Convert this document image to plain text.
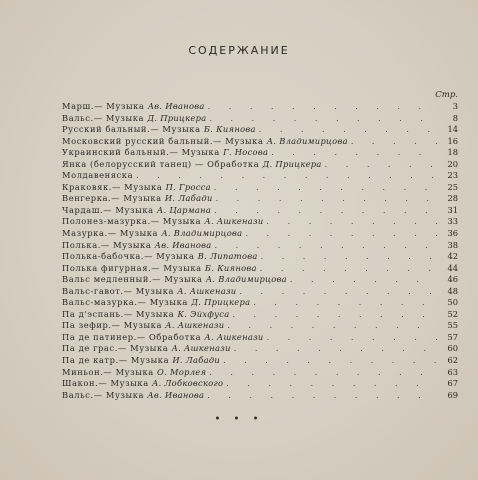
СОДЕРЖАНИЕ
Стр.
Марш.— Музыка Ав. Иванова . . .	3
Вальс.— Музыка Д. Прицкера . . .	8
Русский бальный.— Музыка Б. Киянова . . .	14
Московский русский бальный.— Музыка А. Владимирцова . . .	16
Украинский бальный.— Музыка Г. Носова . . .	18
Янка (белорусский танец) — Обработка Д. Прицкера . . .	20
Молдавеняска . . .	23
Краковяк.— Музыка П. Гросса . . .	25
Венгерка.— Музыка И. Лабади . . .	28
Чардаш.— Музыка А. Цармана . . .	31
Полонез-мазурка.— Музыка А. Ашкенази . . .	33
Мазурка.— Музыка А. Владимирцова . . .	36
Полька.— Музыка Ав. Иванова . . .	38
Полька-бабочка.— Музыка В. Липатова . . .	42
Полька фигурная.— Музыка Б. Киянова . . .	44
Вальс медленный.— Музыка А. Владимирцова . . .	46
Вальс-гавот.— Музыка А. Ашкенази . . .	48
Вальс-мазурка.— Музыка Д. Прицкера . . .	50
Па д'эспань.— Музыка К. Эйхфуса . . .	52
Па зефир.— Музыка А. Ашкенази . . .	55
Па де патинер.— Обработка А. Ашкенази . . .	57
Па де грас.— Музыка А. Ашкенази . . .	60
Па де катр.— Музыка И. Лабади . . .	62
Миньон.— Музыка О. Морлея . . .	63
Шакон.— Музыка А. Лобковского . . .	67
Вальс.— Музыка Ав. Иванова . . .	69
• • •
